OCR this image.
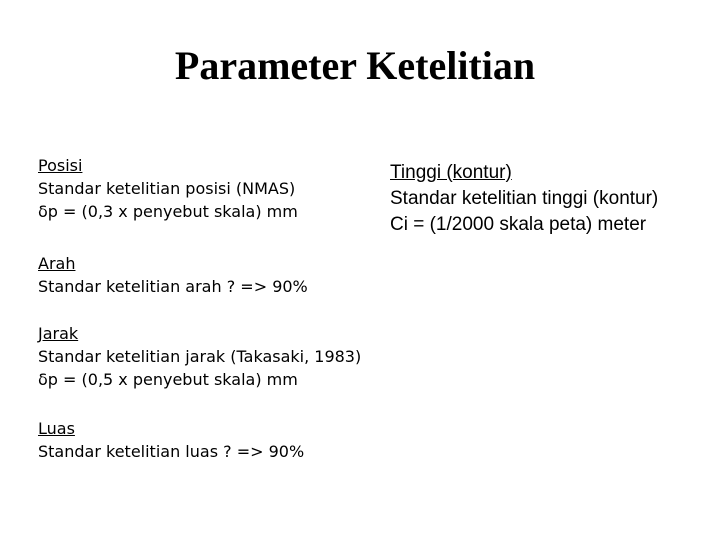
Parameter Ketelitian
Posisi
Standar ketelitian posisi (NMAS)
δp = (0,3 x penyebut skala) mm
Tinggi (kontur)
Standar ketelitian tinggi (kontur)
Ci = (1/2000 skala peta) meter
Arah
Standar ketelitian arah ? => 90%
Jarak
Standar ketelitian jarak (Takasaki, 1983)
δp = (0,5 x penyebut skala) mm
Luas
Standar ketelitian luas ? => 90%
